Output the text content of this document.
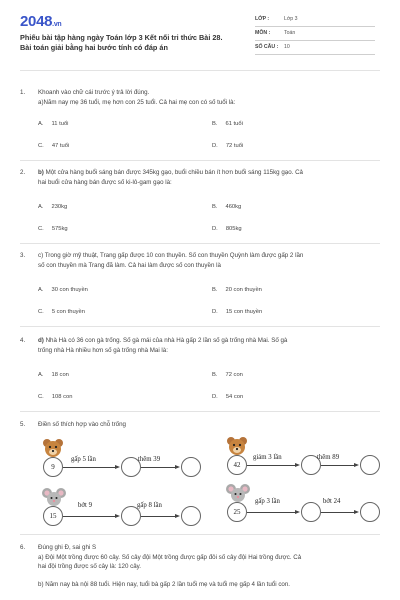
2048.vn
Phiếu bài tập hàng ngày Toán lớp 3 Kết nối tri thức Bài 28.
Bài toán giải bằng hai bước tính có đáp án
LỚP :	Lớp 3
MÔN :	Toán
SỐ CÂU : 10
1. Khoanh vào chữ cái trước ý trả lời đúng.
a)Năm nay mẹ 36 tuổi, mẹ hơn con 25 tuổi. Cả hai mẹ con có số tuổi là:
A. 11 tuổi	B. 61 tuổi
C. 47 tuổi	D. 72 tuổi
2. b) Một cửa hàng buổi sáng bán được 345kg gạo, buổi chiều bán ít hơn buổi sáng 115kg gạo. Cả
hai buổi cửa hàng bán được số ki-lô-gam gạo là:
A. 230kg	B. 460kg
C. 575kg	D. 805kg
3. c) Trong giờ mỹ thuật, Trang gấp được 10 con thuyền. Số con thuyền Quỳnh làm được gấp 2 lần
số con thuyền mà Trang đã làm. Cả hai làm được số con thuyền là
A. 30 con thuyền	B. 20 con thuyền
C. 5 con thuyền	D. 15 con thuyền
4. d) Nhà Hà có 36 con gà trống. Số gà mái của nhà Hà gấp 2 lần số gà trống nhà Mai. Số gà
trống nhà Hà nhiều hơn số gà trống nhà Mai là:
A. 18 con	B. 72 con
C. 108 con	D. 54 con
5. Điền số thích hợp vào chỗ trống
9
gấp 5 lần	thêm 39
42
giảm 3 lần	thêm 89
15
bớt 9	gấp 8 lần
25
gấp 3 lần	bớt 24
6. Đúng ghi Đ, sai ghi S
a) Đội Một trồng được 60 cây. Số cây đội Một trồng được gấp đôi số cây đội Hai trồng được. Cả
hai đội trồng được số cây là: 120 cây.
b) Năm nay bà nội 88 tuổi. Hiện nay, tuổi bà gấp 2 lần tuổi mẹ và tuổi mẹ gấp 4 lần tuổi con.
